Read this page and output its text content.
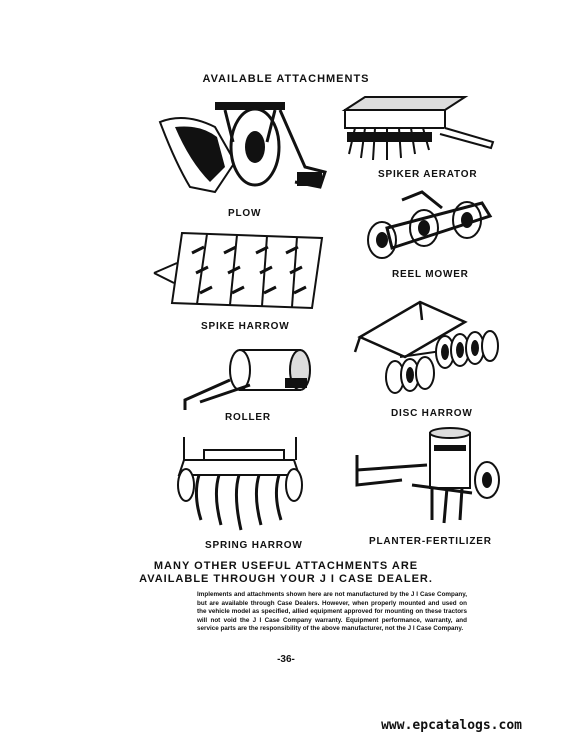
AVAILABLE ATTACHMENTS
PLOW
SPIKER AERATOR
REEL MOWER
SPIKE HARROW
DISC HARROW
ROLLER
SPRING HARROW	PLANTER-FERTILIZER
MANY OTHER USEFUL ATTACHMENTS ARE
AVAILABLE THROUGH YOUR J I CASE DEALER.
Implements and attachments shown here are not manufactured by the J I Case Company, but are available through Case Dealers. However, when properly mounted and used on the vehicle model as specified, allied equipment approved for mounting on these tractors will not void the J I Case Company warranty. Equipment performance, warranty, and service parts are the responsibility of the above manufacturer, not the J I Case Company.
-36-
www.epcatalogs.com
